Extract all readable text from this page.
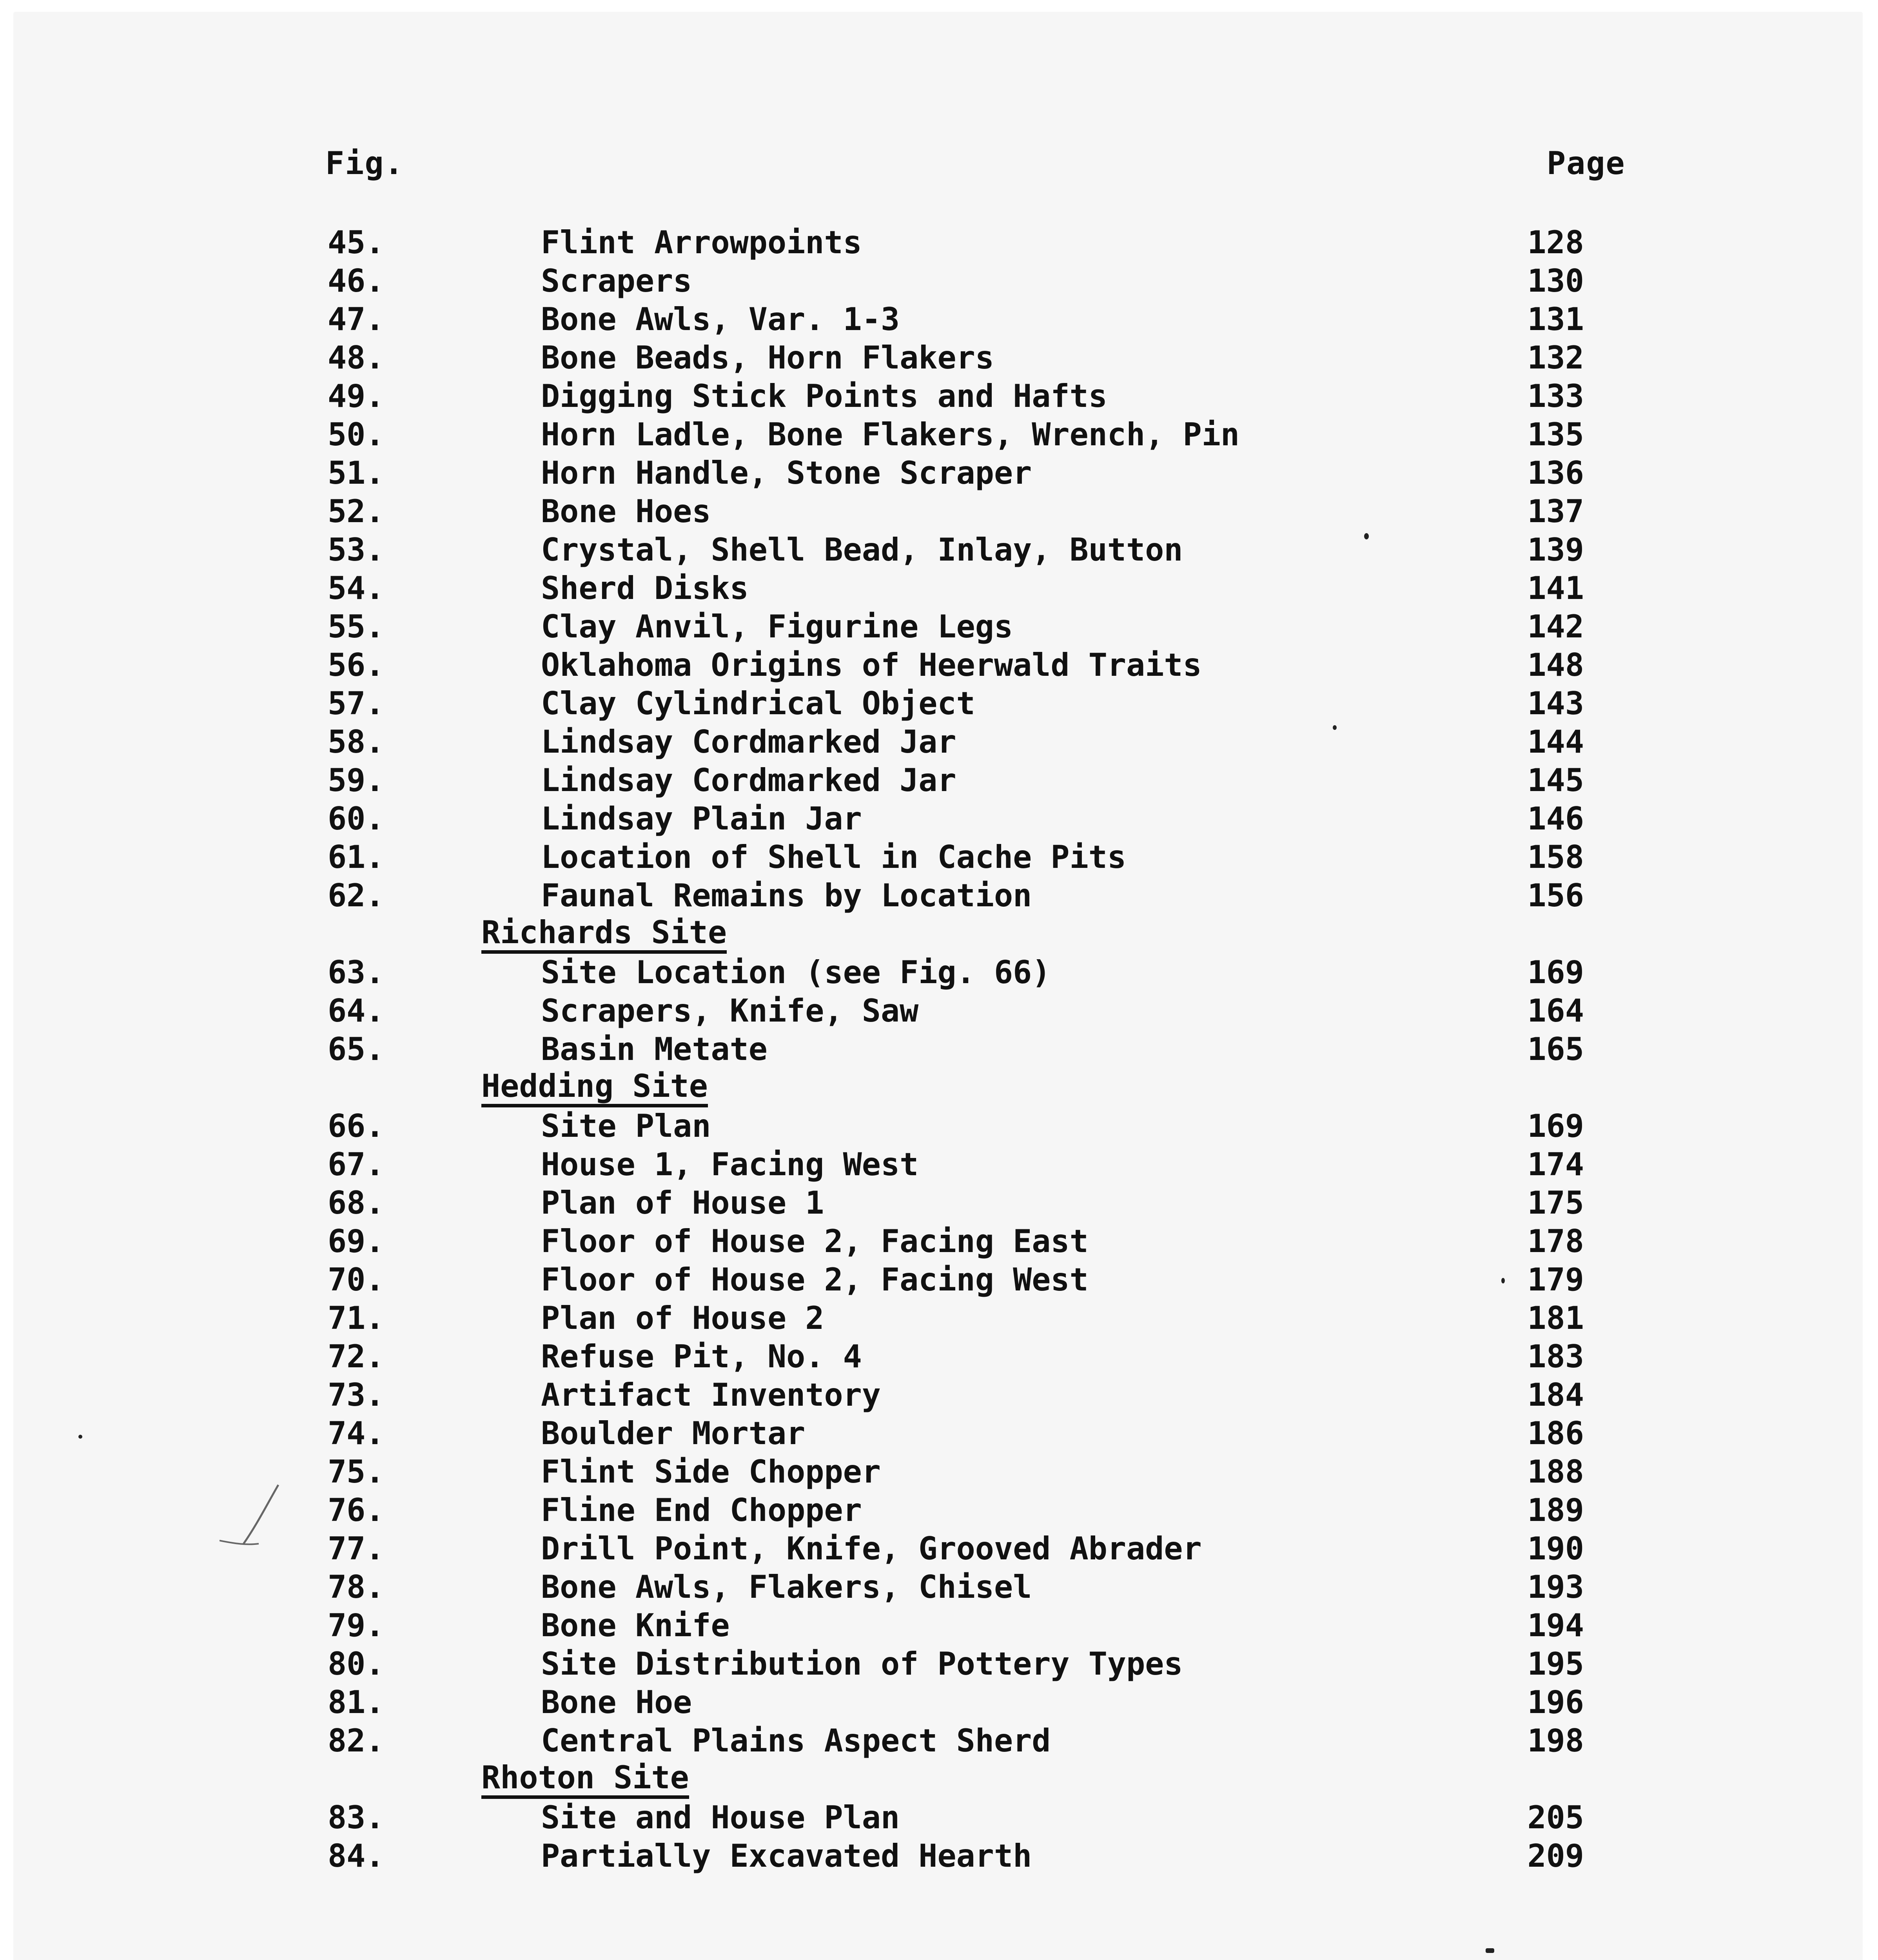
Fig.	Page
45.	Flint Arrowpoints	128
46.	Scrapers	130
47.	Bone Awls, Var. 1-3	131
48.	Bone Beads, Horn Flakers	132
49.	Digging Stick Points and Hafts	133
50.	Horn Ladle, Bone Flakers, Wrench, Pin	135
51.	Horn Handle, Stone Scraper	136
52.	Bone Hoes	137
53.	Crystal, Shell Bead, Inlay, Button	139
54.	Sherd Disks	141
55.	Clay Anvil, Figurine Legs	142
56.	Oklahoma Origins of Heerwald Traits	148
57.	Clay Cylindrical Object	143
58.	Lindsay Cordmarked Jar	144
59.	Lindsay Cordmarked Jar	145
60.	Lindsay Plain Jar	146
61.	Location of Shell in Cache Pits	158
62.	Faunal Remains by Location	156
Richards Site
63.	Site Location (see Fig. 66)	169
64.	Scrapers, Knife, Saw	164
65.	Basin Metate	165
Hedding Site
66.	Site Plan	169
67.	House 1, Facing West	174
68.	Plan of House 1	175
69.	Floor of House 2, Facing East	178
70.	Floor of House 2, Facing West	179
71.	Plan of House 2	181
72.	Refuse Pit, No. 4	183
73.	Artifact Inventory	184
74.	Boulder Mortar	186
75.	Flint Side Chopper	188
76.	Fline End Chopper	189
77.	Drill Point, Knife, Grooved Abrader	190
78.	Bone Awls, Flakers, Chisel	193
79.	Bone Knife	194
80.	Site Distribution of Pottery Types	195
81.	Bone Hoe	196
82.	Central Plains Aspect Sherd	198
Rhoton Site
83.	Site and House Plan	205
84.	Partially Excavated Hearth	209
